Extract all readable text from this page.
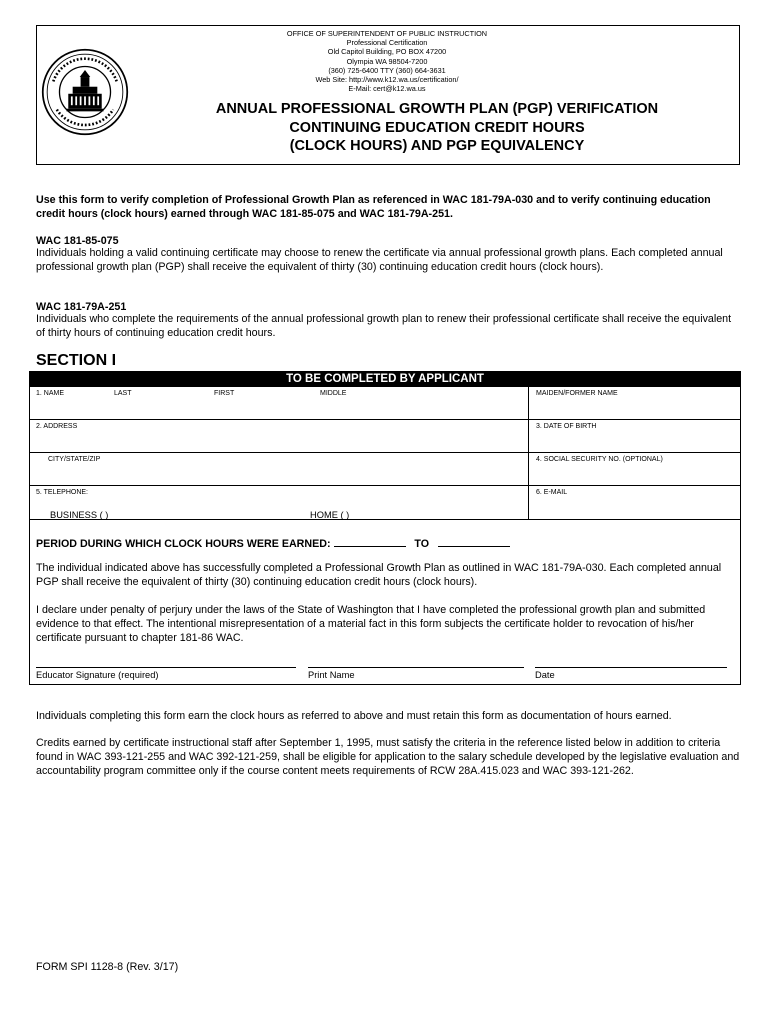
OFFICE OF SUPERINTENDENT OF PUBLIC INSTRUCTION
Professional Certification
Old Capitol Building, PO BOX 47200
Olympia WA 98504-7200
(360) 725-6400 TTY (360) 664-3631
Web Site: http://www.k12.wa.us/certification/
E-Mail: cert@k12.wa.us
ANNUAL PROFESSIONAL GROWTH PLAN (PGP) VERIFICATION
CONTINUING EDUCATION CREDIT HOURS
(CLOCK HOURS) AND PGP EQUIVALENCY
Use this form to verify completion of Professional Growth Plan as referenced in WAC 181-79A-030 and to verify continuing education credit hours (clock hours) earned through WAC 181-85-075 and WAC 181-79A-251.
WAC 181-85-075
Individuals holding a valid continuing certificate may choose to renew the certificate via annual professional growth plans. Each completed annual professional growth plan (PGP) shall receive the equivalent of thirty (30) continuing education credit hours (clock hours).
WAC 181-79A-251
Individuals who complete the requirements of the annual professional growth plan to renew their professional certificate shall receive the equivalent of thirty hours of continuing education credit hours.
SECTION I
TO BE COMPLETED BY APPLICANT
1. NAME	LAST	FIRST	MIDDLE	MAIDEN/FORMER NAME
2. ADDRESS	3. DATE OF BIRTH
CITY/STATE/ZIP	4. SOCIAL SECURITY NO. (OPTIONAL)
5. TELEPHONE:	6. E-MAIL
BUSINESS ( )	HOME ( )
PERIOD DURING WHICH CLOCK HOURS WERE EARNED:	TO
The individual indicated above has successfully completed a Professional Growth Plan as outlined in WAC 181-79A-030. Each completed annual PGP shall receive the equivalent of thirty (30) continuing education credit hours (clock hours).
I declare under penalty of perjury under the laws of the State of Washington that I have completed the professional growth plan and submitted evidence to that effect. The intentional misrepresentation of a material fact in this form subjects the certificate holder to revocation of his/her certificate pursuant to chapter 181-86 WAC.
Educator Signature (required)	Print Name	Date
Individuals completing this form earn the clock hours as referred to above and must retain this form as documentation of hours earned.
Credits earned by certificate instructional staff after September 1, 1995, must satisfy the criteria in the reference listed below in addition to criteria found in WAC 393-121-255 and WAC 392-121-259, shall be eligible for application to the salary schedule developed by the legislative evaluation and accountability program committee only if the course content meets requirements of RCW 28A.415.023 and WAC 393-121-262.
FORM SPI 1128-8 (Rev. 3/17)
